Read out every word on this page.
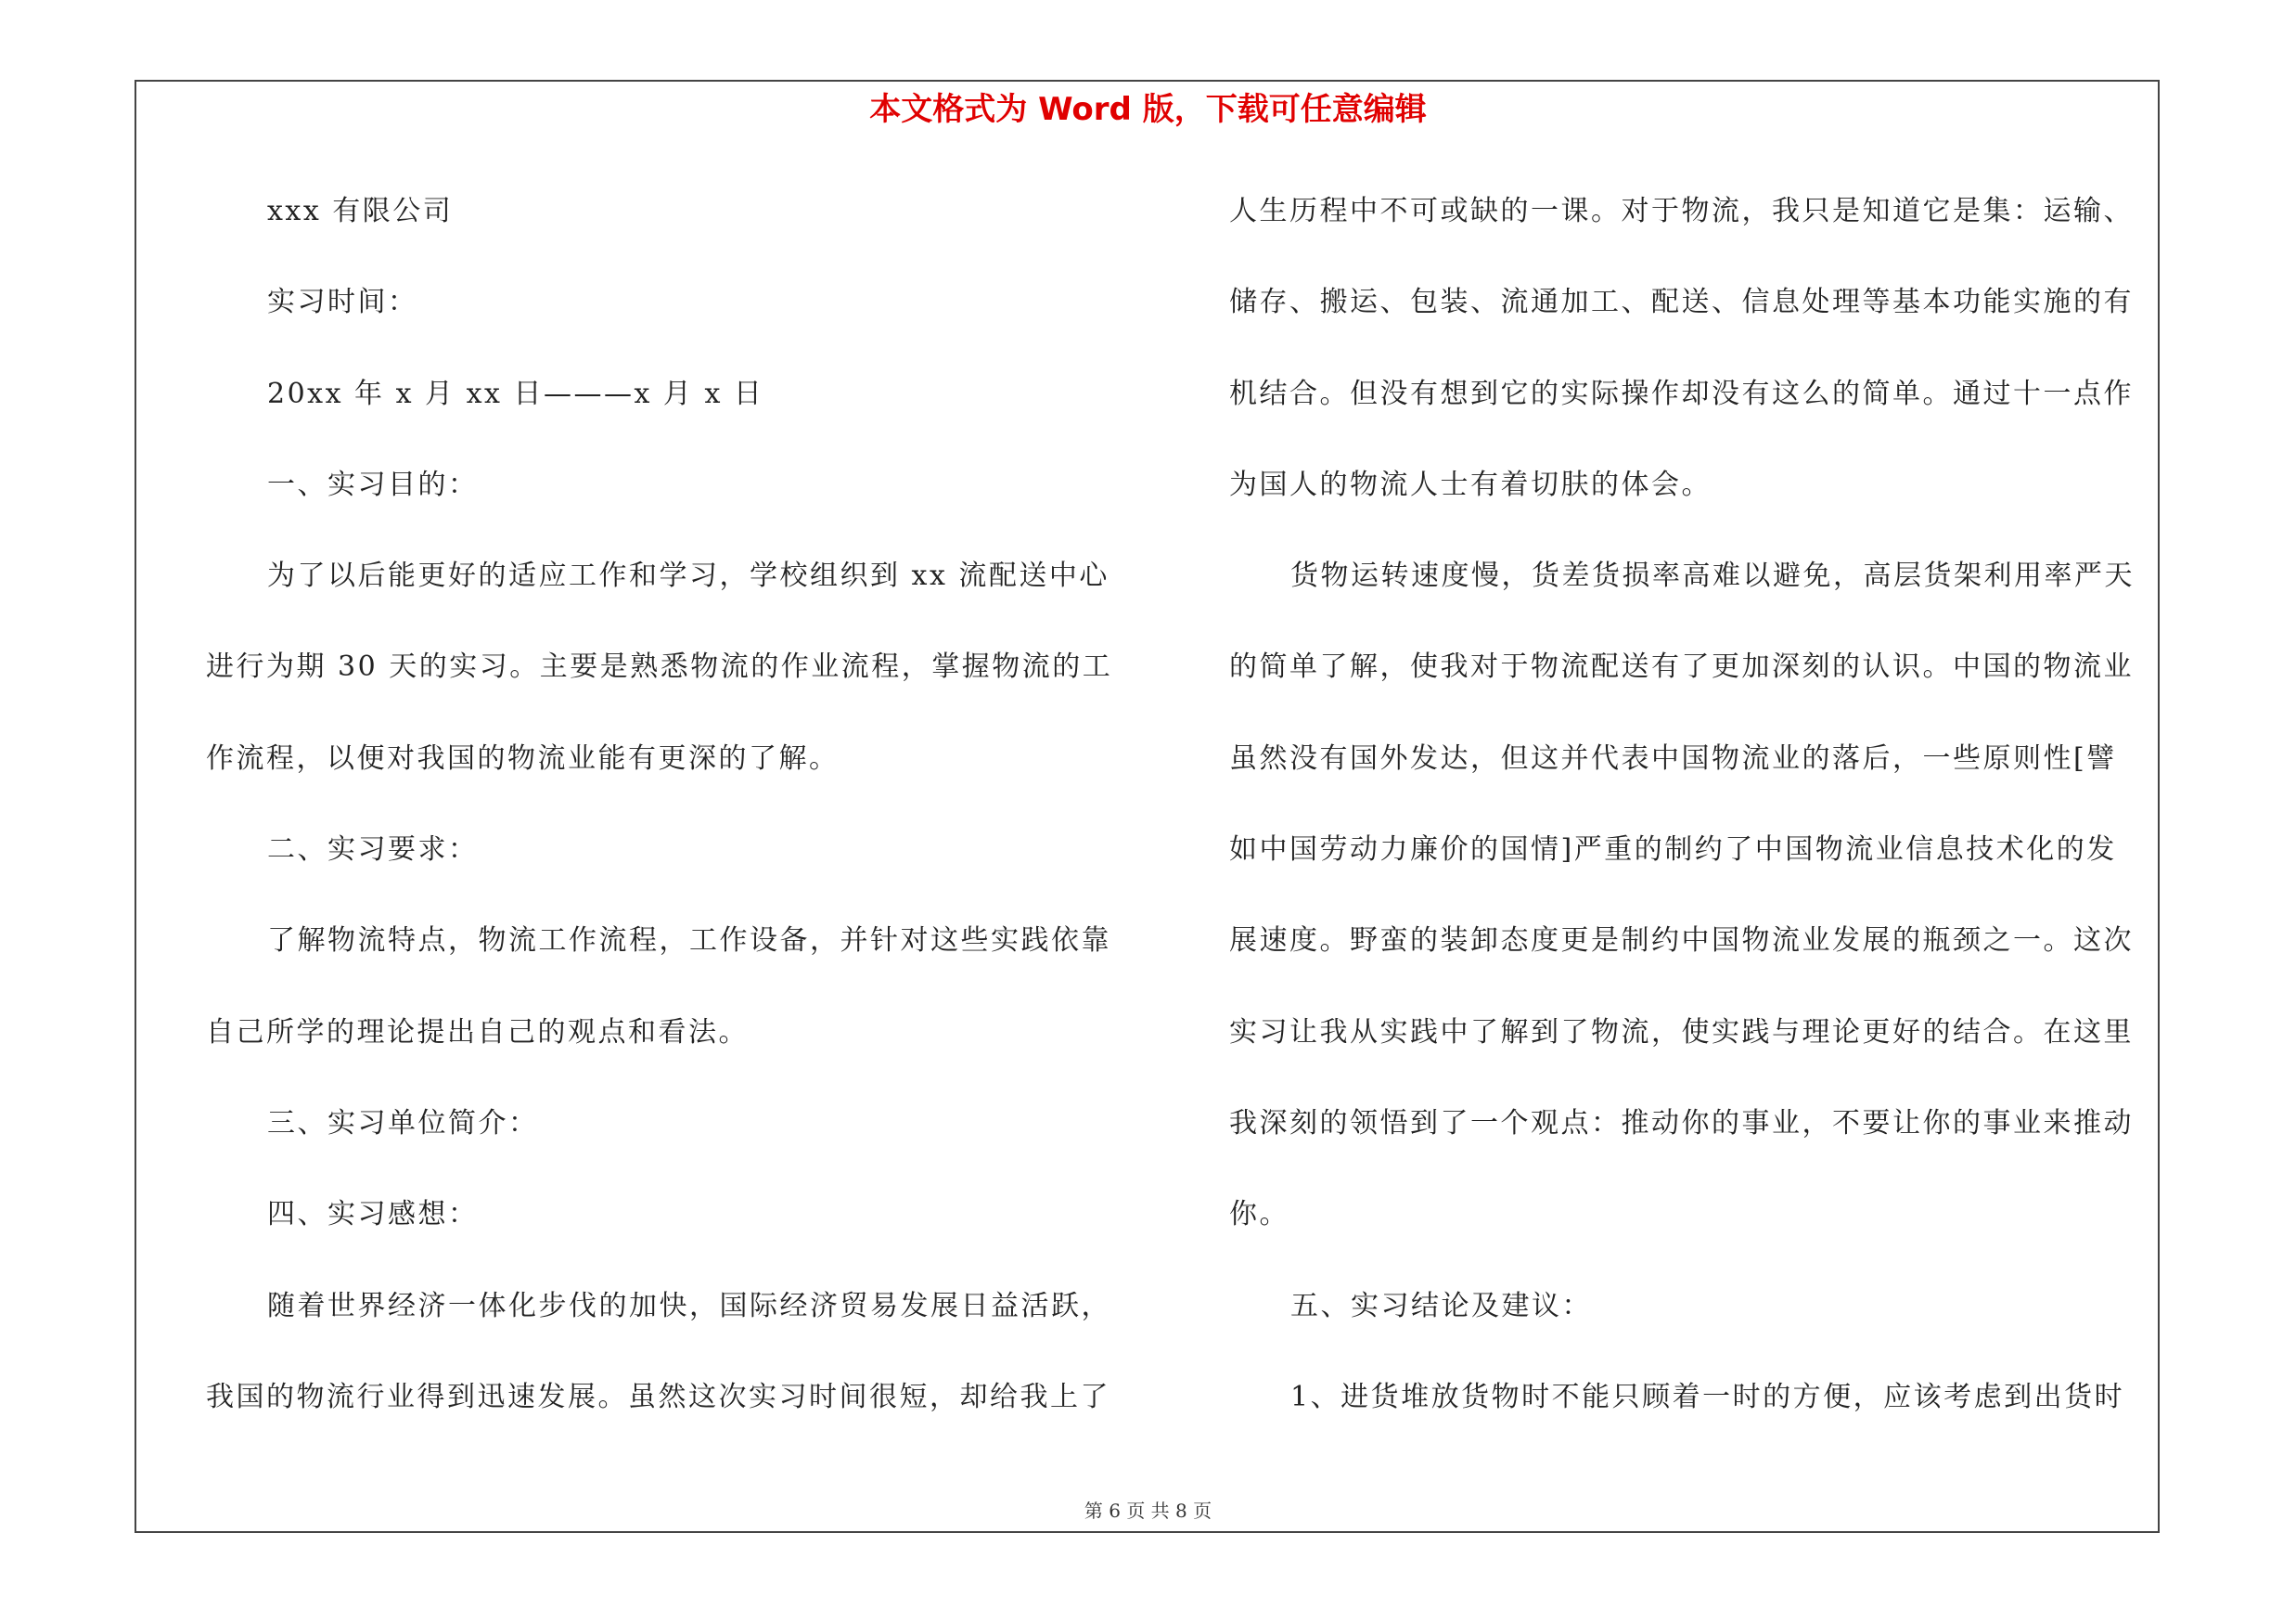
本文格式为 Word 版，下载可任意编辑
xxx 有限公司
实习时间：
20xx 年 x 月 xx 日———x 月 x 日
一、实习目的：
为了以后能更好的适应工作和学习，学校组织到 xx 流配送中心
进行为期 30 天的实习。主要是熟悉物流的作业流程，掌握物流的工
作流程，以便对我国的物流业能有更深的了解。
二、实习要求：
了解物流特点，物流工作流程，工作设备，并针对这些实践依靠
自己所学的理论提出自己的观点和看法。
三、实习单位简介：
四、实习感想：
随着世界经济一体化步伐的加快，国际经济贸易发展日益活跃，
我国的物流行业得到迅速发展。虽然这次实习时间很短，却给我上了
人生历程中不可或缺的一课。对于物流，我只是知道它是集：运输、
储存、搬运、包装、流通加工、配送、信息处理等基本功能实施的有
机结合。但没有想到它的实际操作却没有这么的简单。通过十一点作
为国人的物流人士有着切肤的体会。
货物运转速度慢，货差货损率高难以避免，高层货架利用率严天
的简单了解，使我对于物流配送有了更加深刻的认识。中国的物流业
虽然没有国外发达，但这并代表中国物流业的落后，一些原则性[譬
如中国劳动力廉价的国情]严重的制约了中国物流业信息技术化的发
展速度。野蛮的装卸态度更是制约中国物流业发展的瓶颈之一。这次
实习让我从实践中了解到了物流，使实践与理论更好的结合。在这里
我深刻的领悟到了一个观点：推动你的事业，不要让你的事业来推动
你。
五、实习结论及建议：
1、进货堆放货物时不能只顾着一时的方便，应该考虑到出货时
第 6 页 共 8 页
